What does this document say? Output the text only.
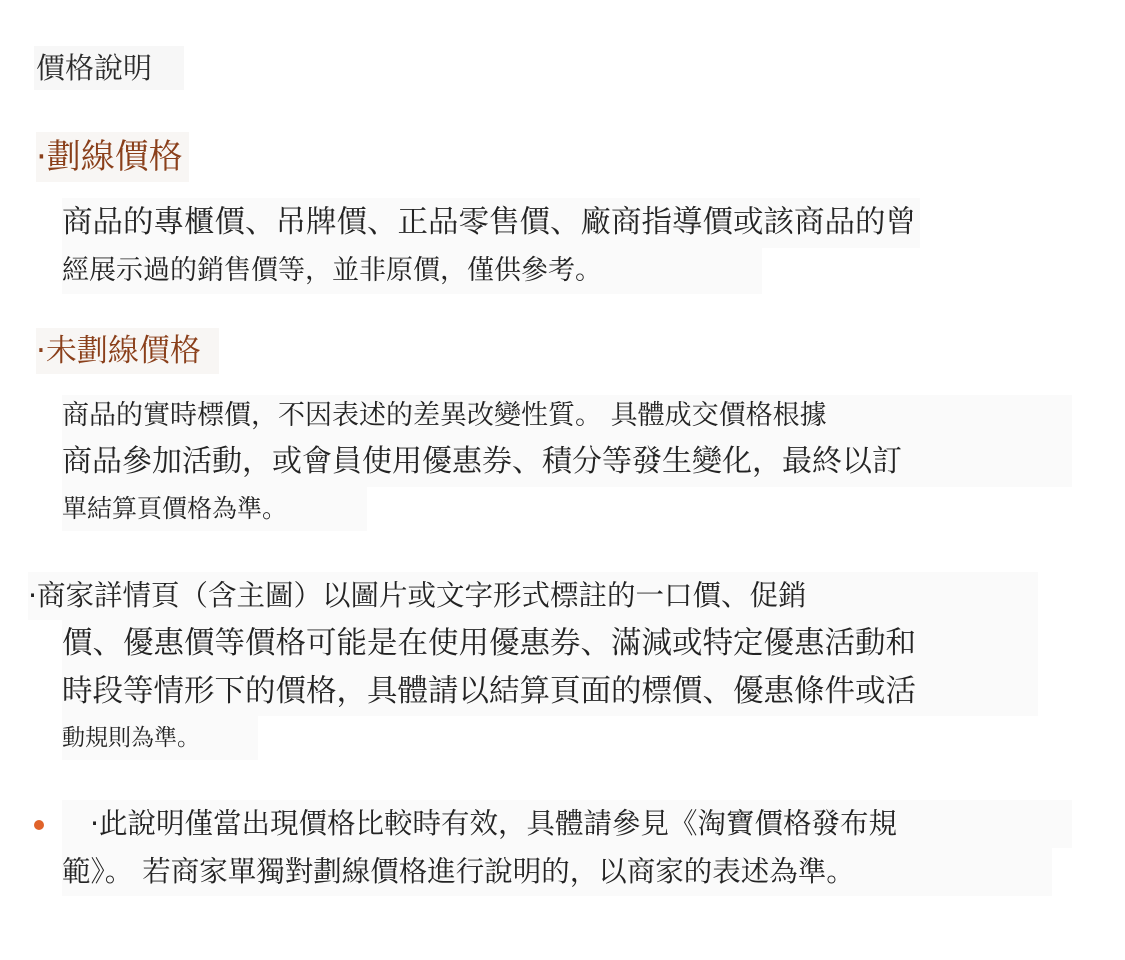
價格說明
·劃線價格
商品的專櫃價、吊牌價、正品零售價、廠商指導價或該商品的曾
經展示過的銷售價等，並非原價，僅供參考。
·未劃線價格
商品的實時標價，不因表述的差異改變性質。 具體成交價格根據
商品參加活動，或會員使用優惠券、積分等發生變化，最終以訂
單結算頁價格為準。
·商家詳情頁（含主圖）以圖片或文字形式標註的一口價、促銷
價、優惠價等價格可能是在使用優惠券、滿減或特定優惠活動和
時段等情形下的價格，具體請以結算頁面的標價、優惠條件或活
動規則為準。
·此說明僅當出現價格比較時有效，具體請參見《淘寶價格發布規
範》。 若商家單獨對劃線價格進行說明的，以商家的表述為準。
